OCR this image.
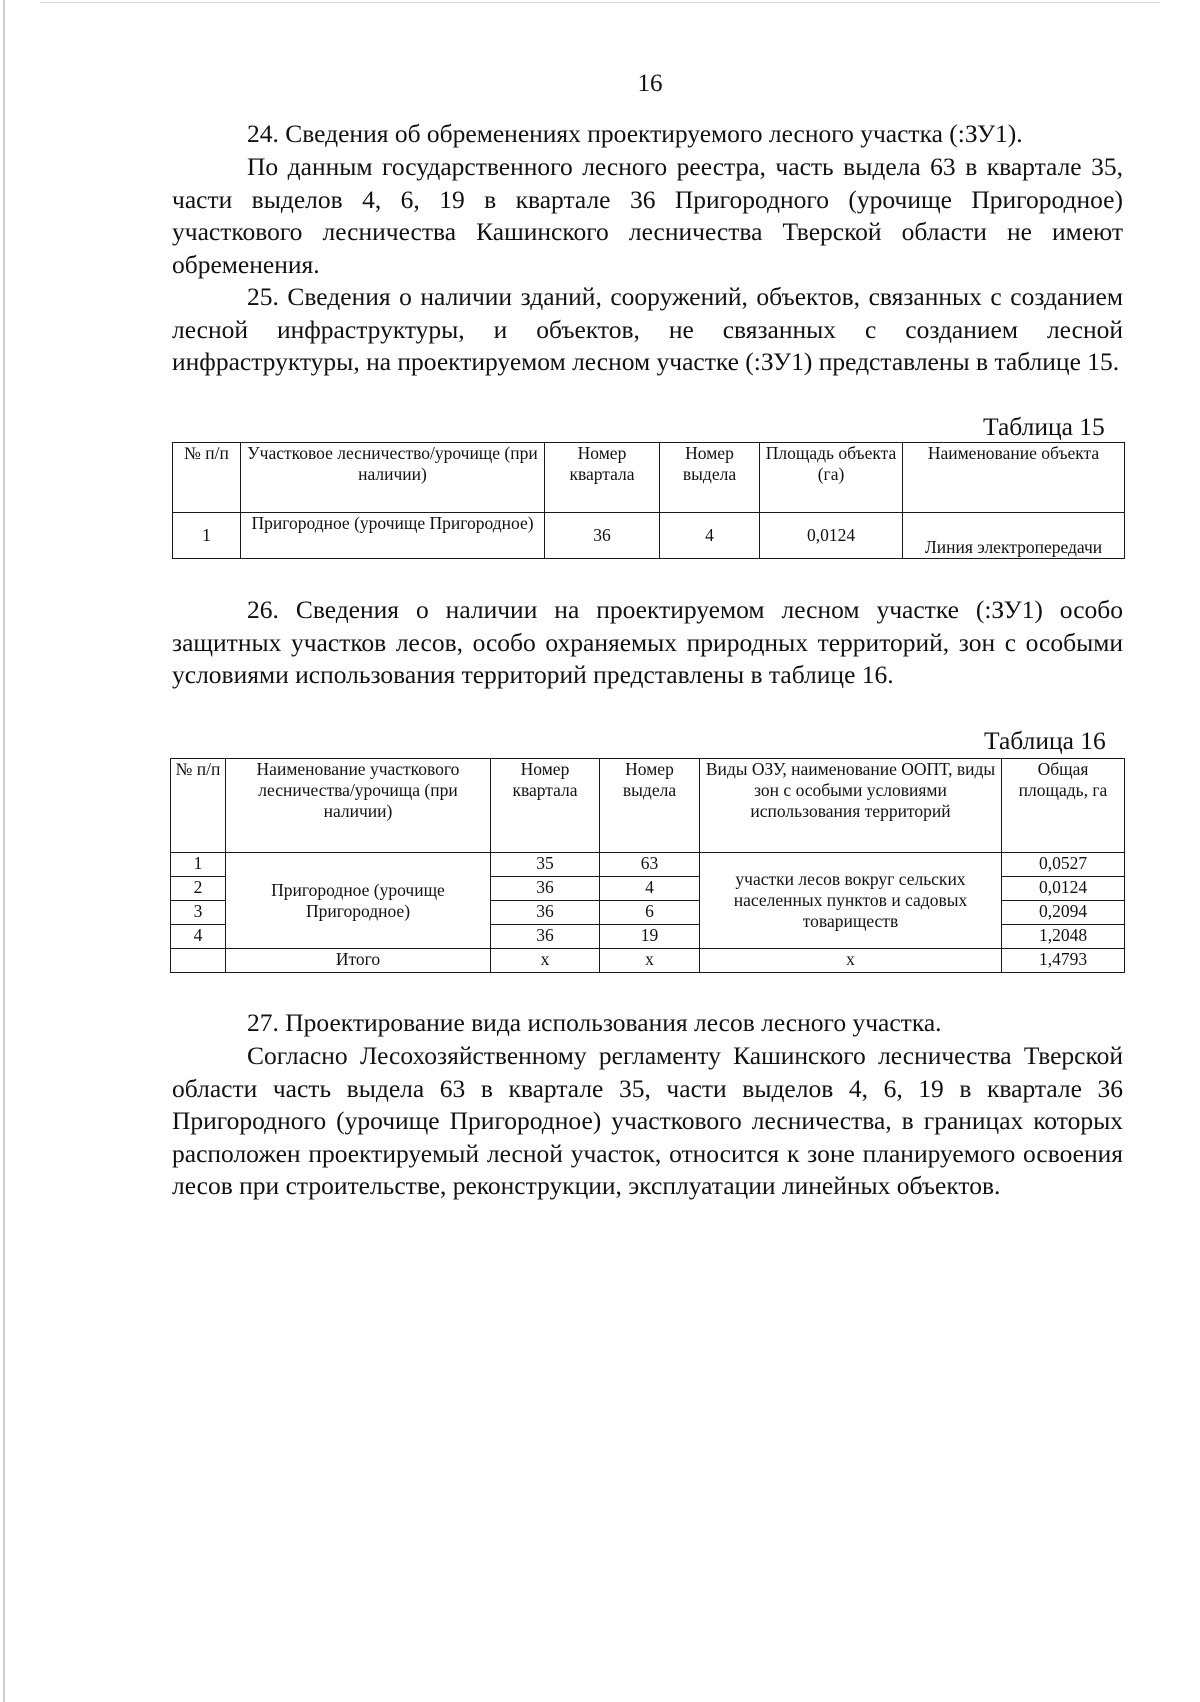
16

24. Сведения об обременениях проектируемого лесного участка (:ЗУ1).

По данным государственного лесного реестра, часть выдела 63 в квартале 35, части выделов 4, 6, 19 в квартале 36 Пригородного (урочище Пригородное) участкового лесничества Кашинского лесничества Тверской области не имеют обременения.

25. Сведения о наличии зданий, сооружений, объектов, связанных с созданием лесной инфраструктуры, и объектов, не связанных с созданием лесной инфраструктуры, на проектируемом лесном участке (:ЗУ1) представлены в таблице 15.

Таблица 15
№ п/п	Участковое лесничество/урочище (при наличии)	Номер квартала	Номер выдела	Площадь объекта (га)	Наименование объекта
1	Пригородное (урочище Пригородное)	36	4	0,0124	Линия электропередачи

26. Сведения о наличии на проектируемом лесном участке (:ЗУ1) особо защитных участков лесов, особо охраняемых природных территорий, зон с особыми условиями использования территорий представлены в таблице 16.

Таблица 16
№ п/п	Наименование участкового лесничества/урочища (при наличии)	Номер квартала	Номер выдела	Виды ОЗУ, наименование ООПТ, виды зон с особыми условиями использования территорий	Общая площадь, га
1	Пригородное (урочище Пригородное)	35	63	участки лесов вокруг сельских населенных пунктов и садовых товариществ	0,0527
2		36	4		0,0124
3		36	6		0,2094
4		36	19		1,2048
	Итого	х	х	х	1,4793

27. Проектирование вида использования лесов лесного участка.

Согласно Лесохозяйственному регламенту Кашинского лесничества Тверской области часть выдела 63 в квартале 35, части выделов 4, 6, 19 в квартале 36 Пригородного (урочище Пригородное) участкового лесничества, в границах которых расположен проектируемый лесной участок, относится к зоне планируемого освоения лесов при строительстве, реконструкции, эксплуатации линейных объектов.
